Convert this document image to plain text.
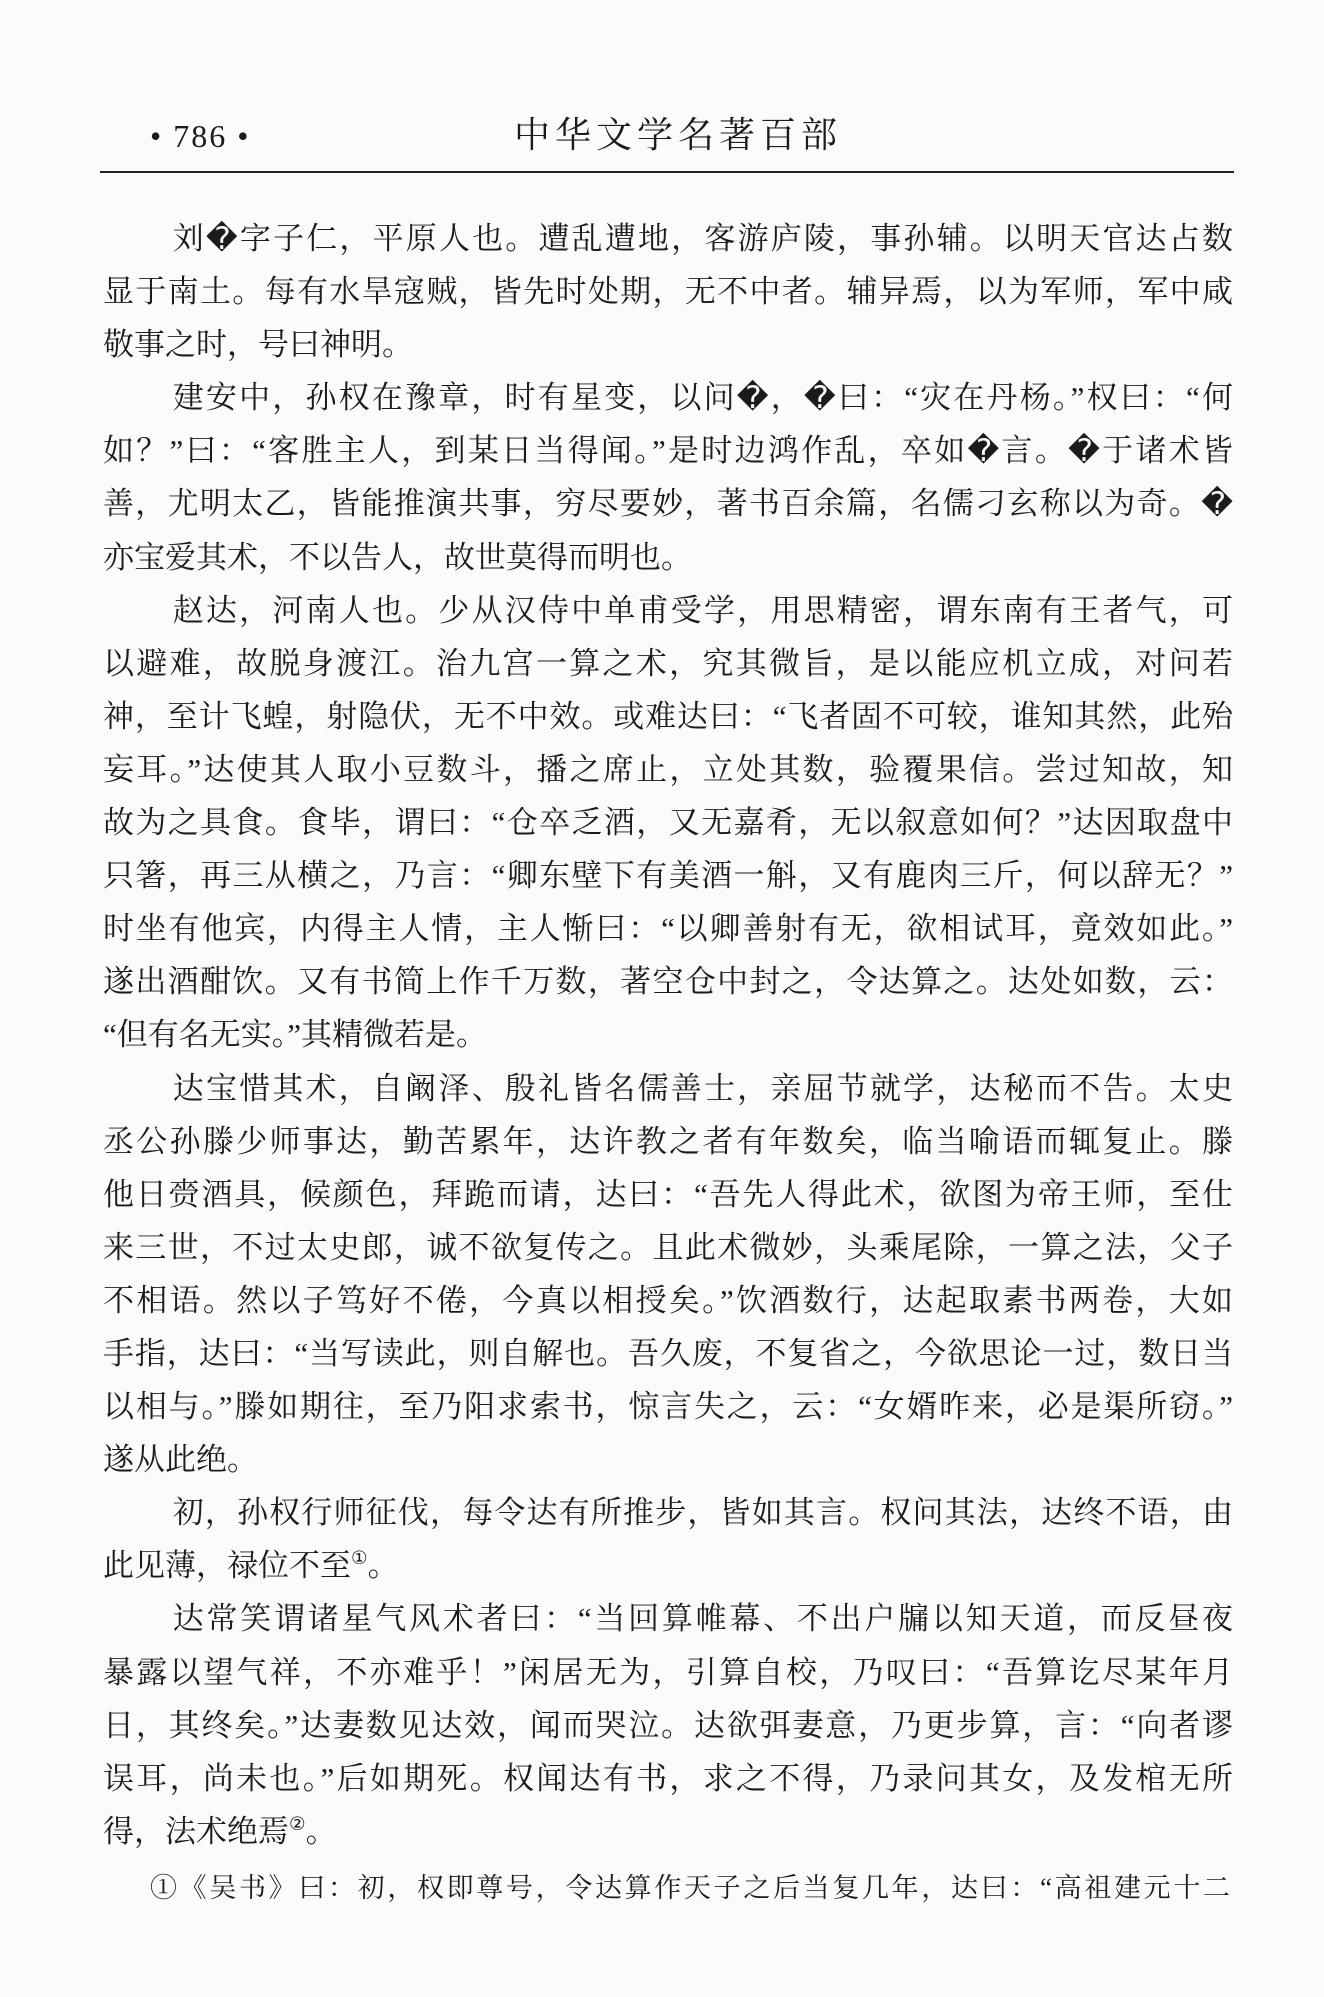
• 786 •	中华文学名著百部
刘�字子仁，平原人也。遭乱遭地，客游庐陵，事孙辅。以明天官达占数
显于南土。每有水旱寇贼，皆先时处期，无不中者。辅异焉，以为军师，军中咸
敬事之时，号曰神明。
建安中，孙权在豫章，时有星变，以问�，�曰：“灾在丹杨。”权曰：“何
如？”曰：“客胜主人，到某日当得闻。”是时边鸿作乱，卒如�言。�于诸术皆
善，尤明太乙，皆能推演共事，穷尽要妙，著书百余篇，名儒刁玄称以为奇。�
亦宝爱其术，不以告人，故世莫得而明也。
赵达，河南人也。少从汉侍中单甫受学，用思精密，谓东南有王者气，可
以避难，故脱身渡江。治九宫一算之术，究其微旨，是以能应机立成，对问若
神，至计飞蝗，射隐伏，无不中效。或难达曰：“飞者固不可较，谁知其然，此殆
妄耳。”达使其人取小豆数斗，播之席止，立处其数，验覆果信。尝过知故，知
故为之具食。食毕，谓曰：“仓卒乏酒，又无嘉肴，无以叙意如何？”达因取盘中
只箸，再三从横之，乃言：“卿东壁下有美酒一斛，又有鹿肉三斤，何以辞无？”
时坐有他宾，内得主人情，主人惭曰：“以卿善射有无，欲相试耳，竟效如此。”
遂出酒酣饮。又有书简上作千万数，著空仓中封之，令达算之。达处如数，云：
“但有名无实。”其精微若是。
达宝惜其术，自阚泽、殷礼皆名儒善士，亲屈节就学，达秘而不告。太史
丞公孙滕少师事达，勤苦累年，达许教之者有年数矣，临当喻语而辄复止。滕
他日赍酒具，候颜色，拜跪而请，达曰：“吾先人得此术，欲图为帝王师，至仕
来三世，不过太史郎，诚不欲复传之。且此术微妙，头乘尾除，一算之法，父子
不相语。然以子笃好不倦，今真以相授矣。”饮酒数行，达起取素书两卷，大如
手指，达曰：“当写读此，则自解也。吾久废，不复省之，今欲思论一过，数日当
以相与。”滕如期往，至乃阳求索书，惊言失之，云：“女婿昨来，必是渠所窃。”
遂从此绝。
初，孙权行师征伐，每令达有所推步，皆如其言。权问其法，达终不语，由
此见薄，禄位不至①。
达常笑谓诸星气风术者曰：“当回算帷幕、不出户牖以知天道，而反昼夜
暴露以望气祥，不亦难乎！”闲居无为，引算自校，乃叹曰：“吾算讫尽某年月
日，其终矣。”达妻数见达效，闻而哭泣。达欲弭妻意，乃更步算，言：“向者谬
误耳，尚未也。”后如期死。权闻达有书，求之不得，乃录问其女，及发棺无所
得，法术绝焉②。
①《吴书》曰：初，权即尊号，令达算作天子之后当复几年，达曰：“高祖建元十二
